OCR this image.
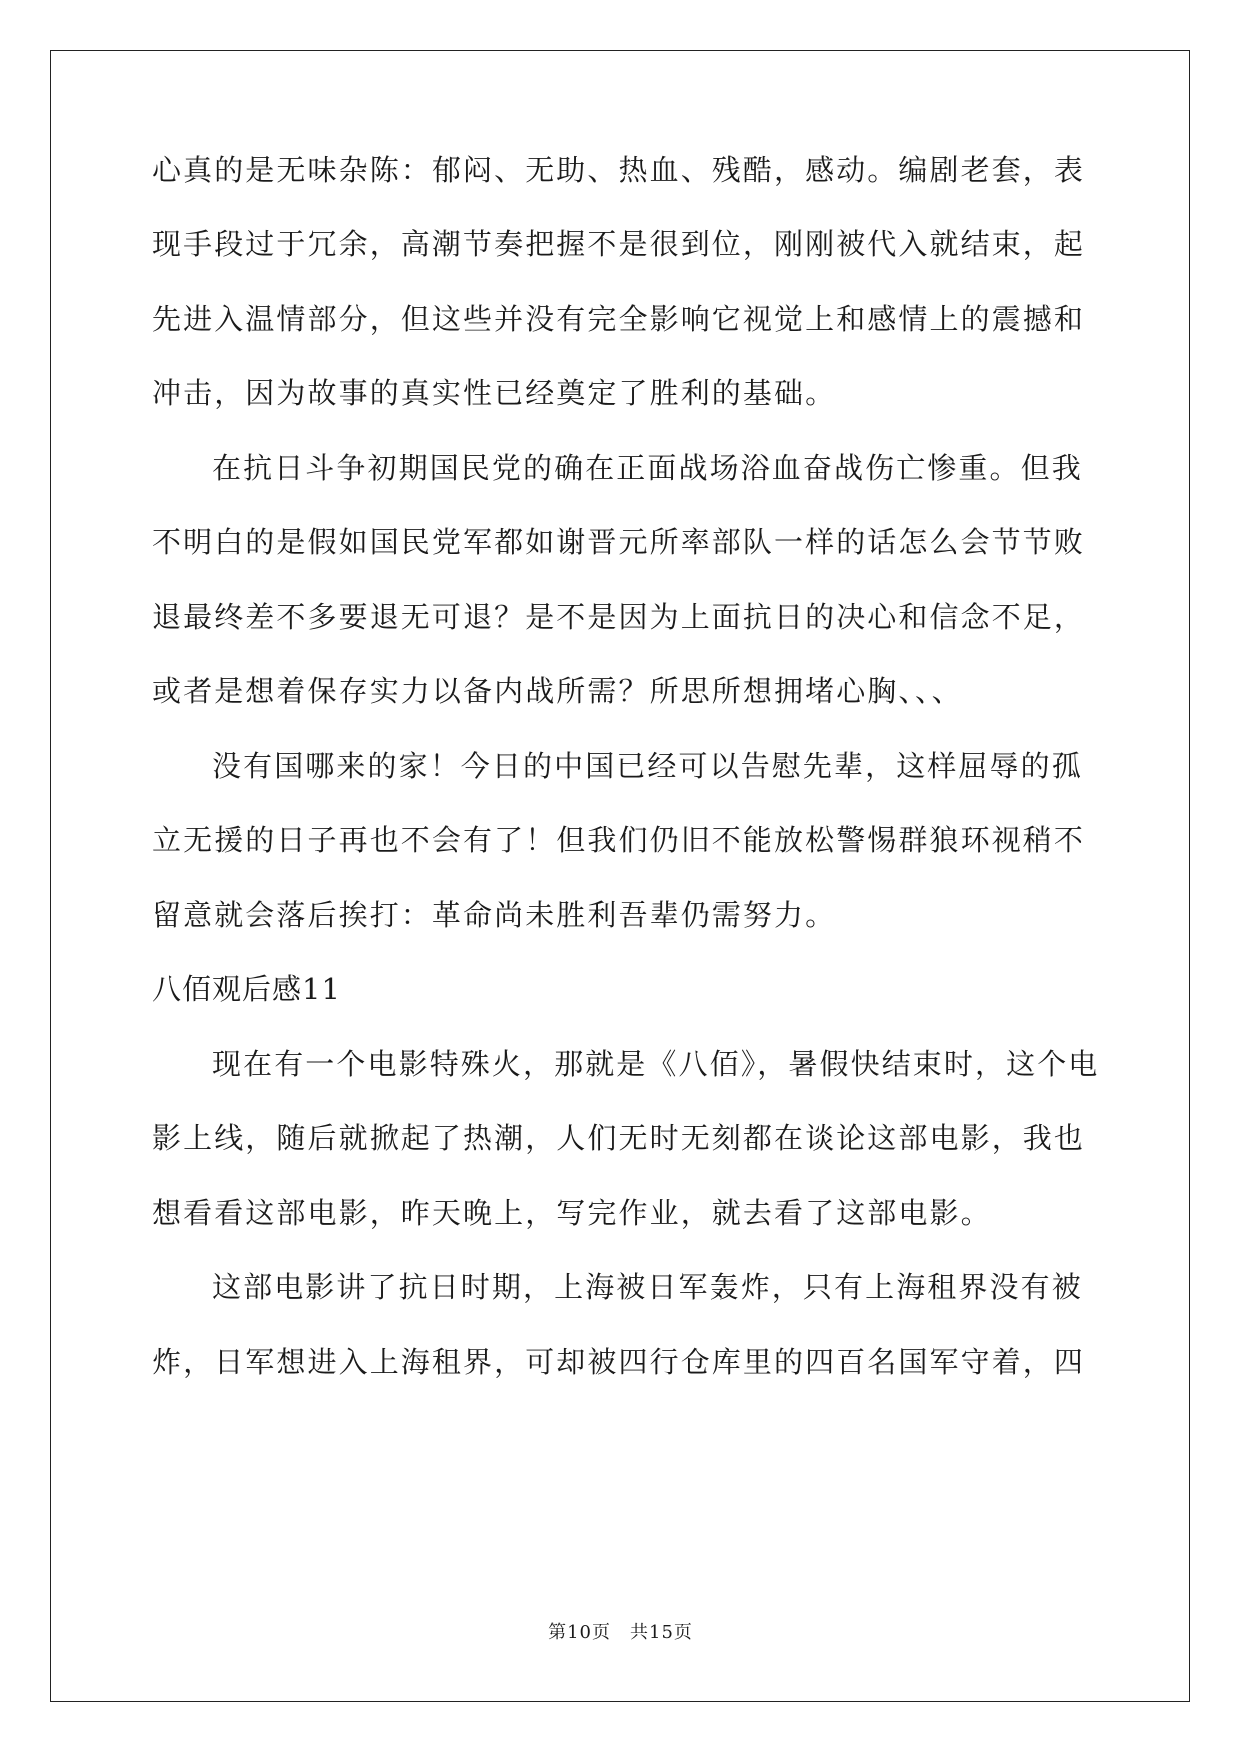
心真的是无味杂陈：郁闷、无助、热血、残酷，感动。编剧老套，表
现手段过于冗余，高潮节奏把握不是很到位，刚刚被代入就结束，起
先进入温情部分，但这些并没有完全影响它视觉上和感情上的震撼和
冲击，因为故事的真实性已经奠定了胜利的基础。
在抗日斗争初期国民党的确在正面战场浴血奋战伤亡惨重。但我
不明白的是假如国民党军都如谢晋元所率部队一样的话怎么会节节败
退最终差不多要退无可退？是不是因为上面抗日的决心和信念不足，
或者是想着保存实力以备内战所需？所思所想拥堵心胸、、、
没有国哪来的家！今日的中国已经可以告慰先辈，这样屈辱的孤
立无援的日子再也不会有了！但我们仍旧不能放松警惕群狼环视稍不
留意就会落后挨打：革命尚未胜利吾辈仍需努力。
八佰观后感11
现在有一个电影特殊火，那就是《八佰》，暑假快结束时，这个电
影上线，随后就掀起了热潮，人们无时无刻都在谈论这部电影，我也
想看看这部电影，昨天晚上，写完作业，就去看了这部电影。
这部电影讲了抗日时期，上海被日军轰炸，只有上海租界没有被
炸，日军想进入上海租界，可却被四行仓库里的四百名国军守着，四
第10页　共15页
